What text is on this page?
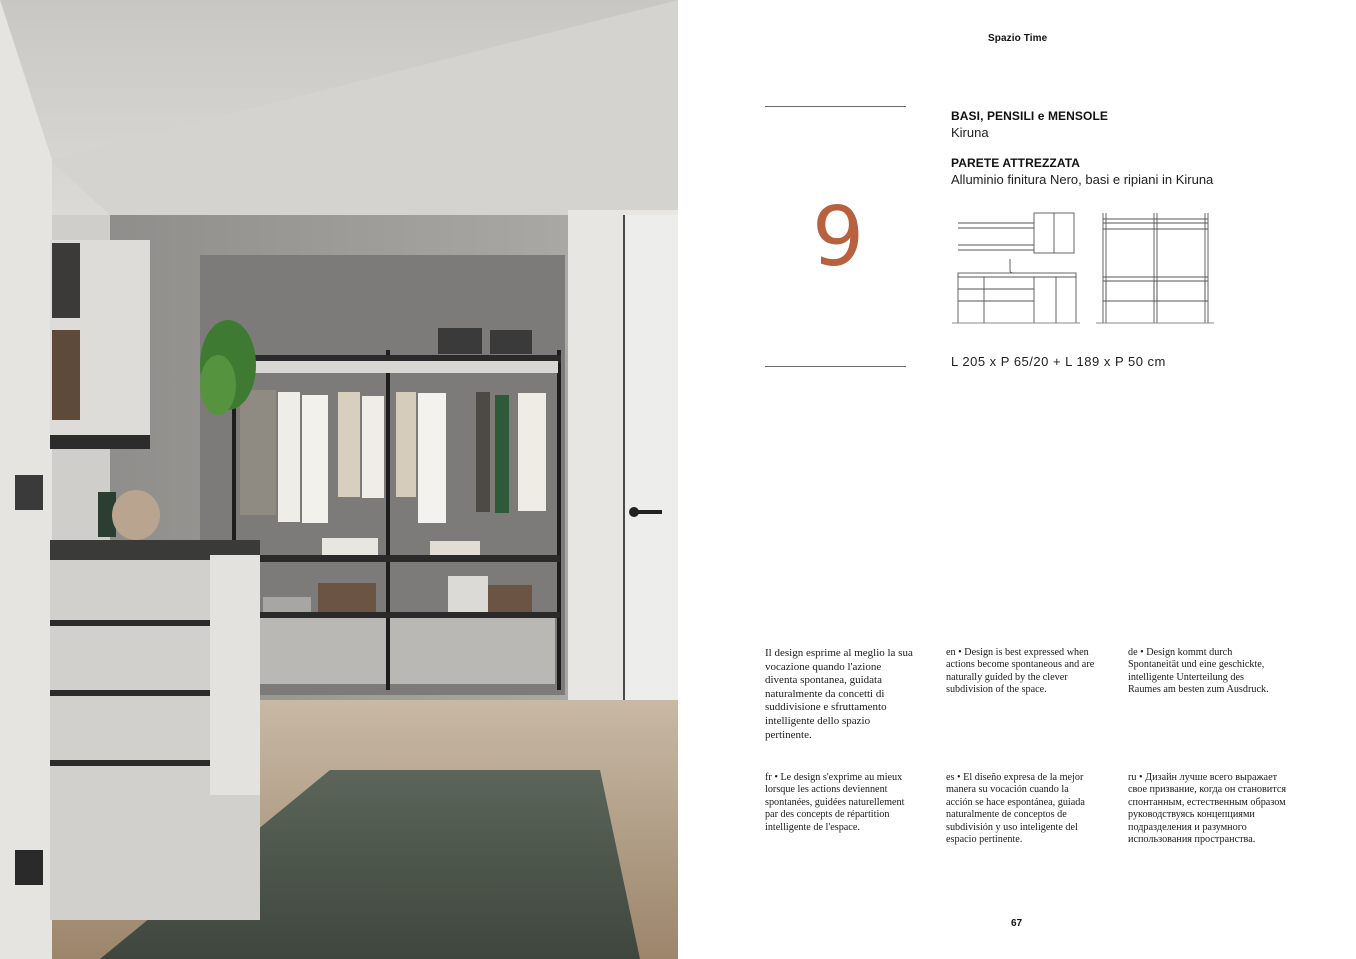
Spazio Time
9
BASI, PENSILI e MENSOLE
Kiruna
PARETE ATTREZZATA
Alluminio finitura Nero, basi e ripiani in Kiruna
L 205 x P 65/20 + L 189 x P 50 cm

Il design esprime al meglio la sua vocazione quando l'azione diventa spontanea, guidata naturalmente da concetti di suddivisione e sfruttamento intelligente dello spazio pertinente.

en • Design is best expressed when actions become spontaneous and are naturally guided by the clever subdivision of the space.

de • Design kommt durch Spontaneität und eine geschickte, intelligente Unterteilung des Raumes am besten zum Ausdruck.

fr • Le design s'exprime au mieux lorsque les actions deviennent spontanées, guidées naturellement par des concepts de répartition intelligente de l'espace.

es • El diseño expresa de la mejor manera su vocación cuando la acción se hace espontánea, guiada naturalmente de conceptos de subdivisión y uso inteligente del espacio pertinente.

ru • Дизайн лучше всего выражает свое призвание, когда он становится спонтанным, естественным образом руководствуясь концепциями подразделения и разумного использования пространства.

67
